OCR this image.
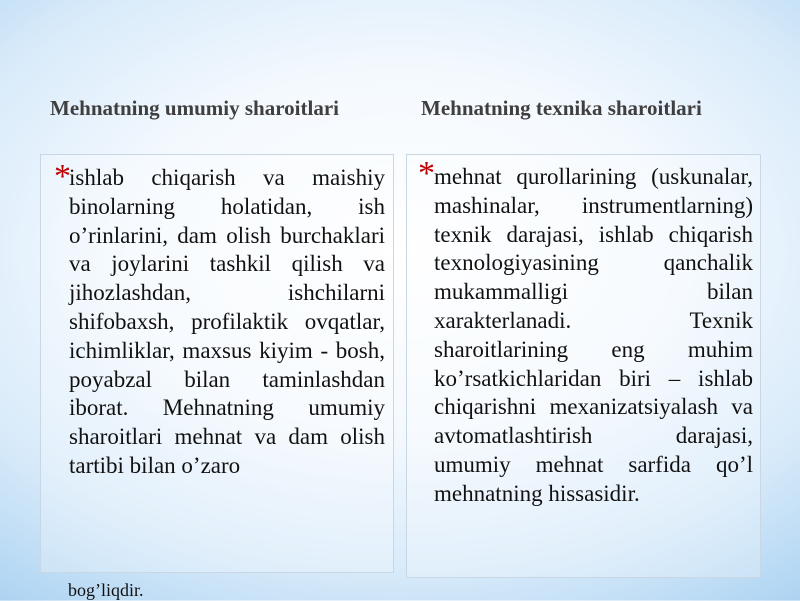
Mehnatning umumiy sharoitlari	Mehnatning texnika sharoitlari
*

ishlab chiqarish va maishiy binolarning holatidan, ish o’rinlarini, dam olish burchaklari va joylarini tashkil qilish va jihozlashdan, ishchilarni shifobaxsh, profilaktik ovqatlar, ichimliklar, maxsus kiyim - bosh, poyabzal bilan taminlashdan iborat. Mehnatning umumiy sharoitlari mehnat va dam olish tartibi bilan o’zaro

* mehnat qurollarining (uskunalar, mashinalar, instrumentlarning) texnik darajasi, ishlab chiqarish texnologiyasining qanchalik mukammalligi bilan xarakterlanadi. Texnik sharoitlarining eng muhim ko’rsatkichlaridan biri – ishlab chiqarishni mexanizatsiyalash va avtomatlashtirish darajasi, umumiy mehnat sarfida qo’l mehnatning hissasidir.

bog’liqdir.
